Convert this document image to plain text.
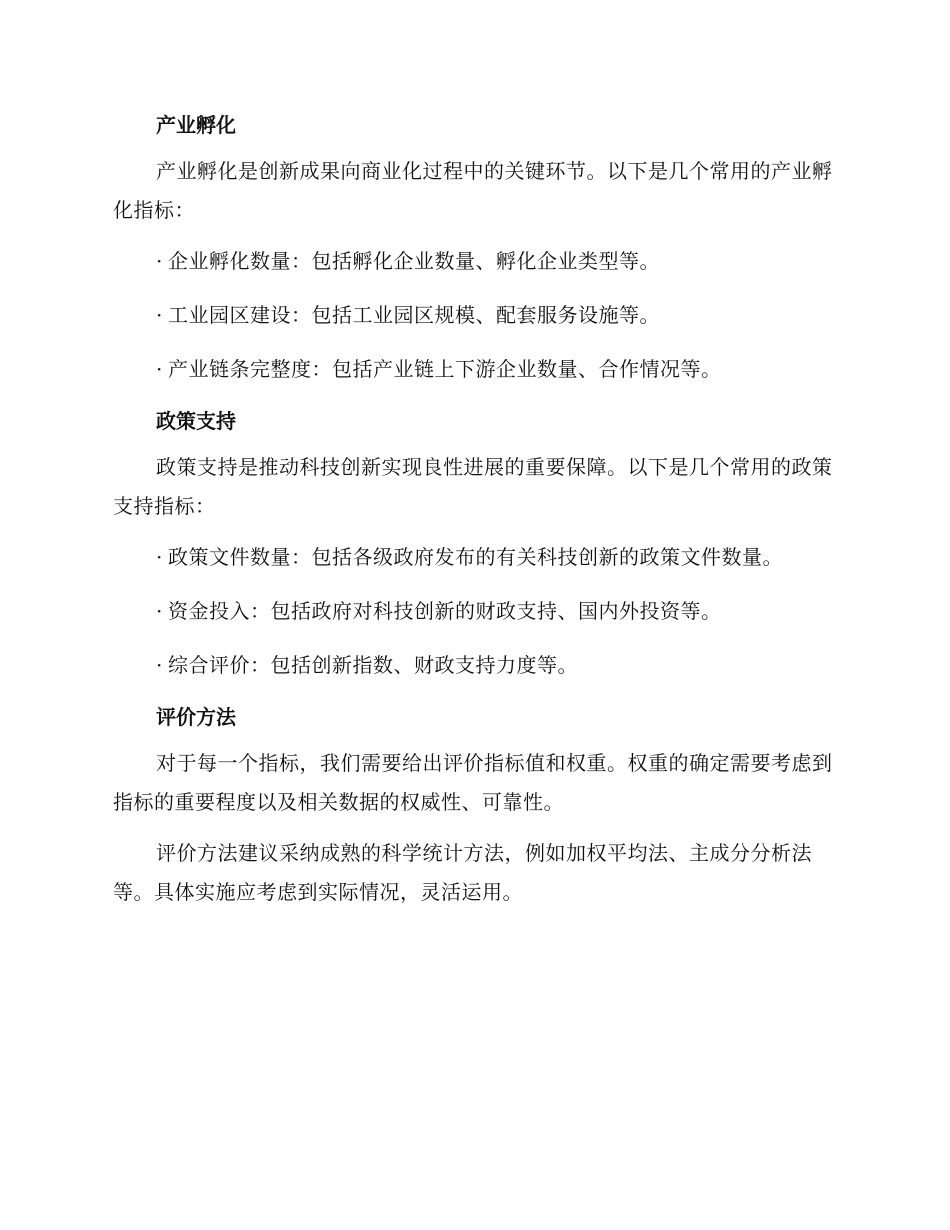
产业孵化
产业孵化是创新成果向商业化过程中的关键环节。以下是几个常用的产业孵化指标：
· 企业孵化数量：包括孵化企业数量、孵化企业类型等。
· 工业园区建设：包括工业园区规模、配套服务设施等。
· 产业链条完整度：包括产业链上下游企业数量、合作情况等。
政策支持
政策支持是推动科技创新实现良性进展的重要保障。以下是几个常用的政策支持指标：
· 政策文件数量：包括各级政府发布的有关科技创新的政策文件数量。
· 资金投入：包括政府对科技创新的财政支持、国内外投资等。
· 综合评价：包括创新指数、财政支持力度等。
评价方法
对于每一个指标，我们需要给出评价指标值和权重。权重的确定需要考虑到指标的重要程度以及相关数据的权威性、可靠性。
评价方法建议采纳成熟的科学统计方法，例如加权平均法、主成分分析法等。具体实施应考虑到实际情况，灵活运用。
